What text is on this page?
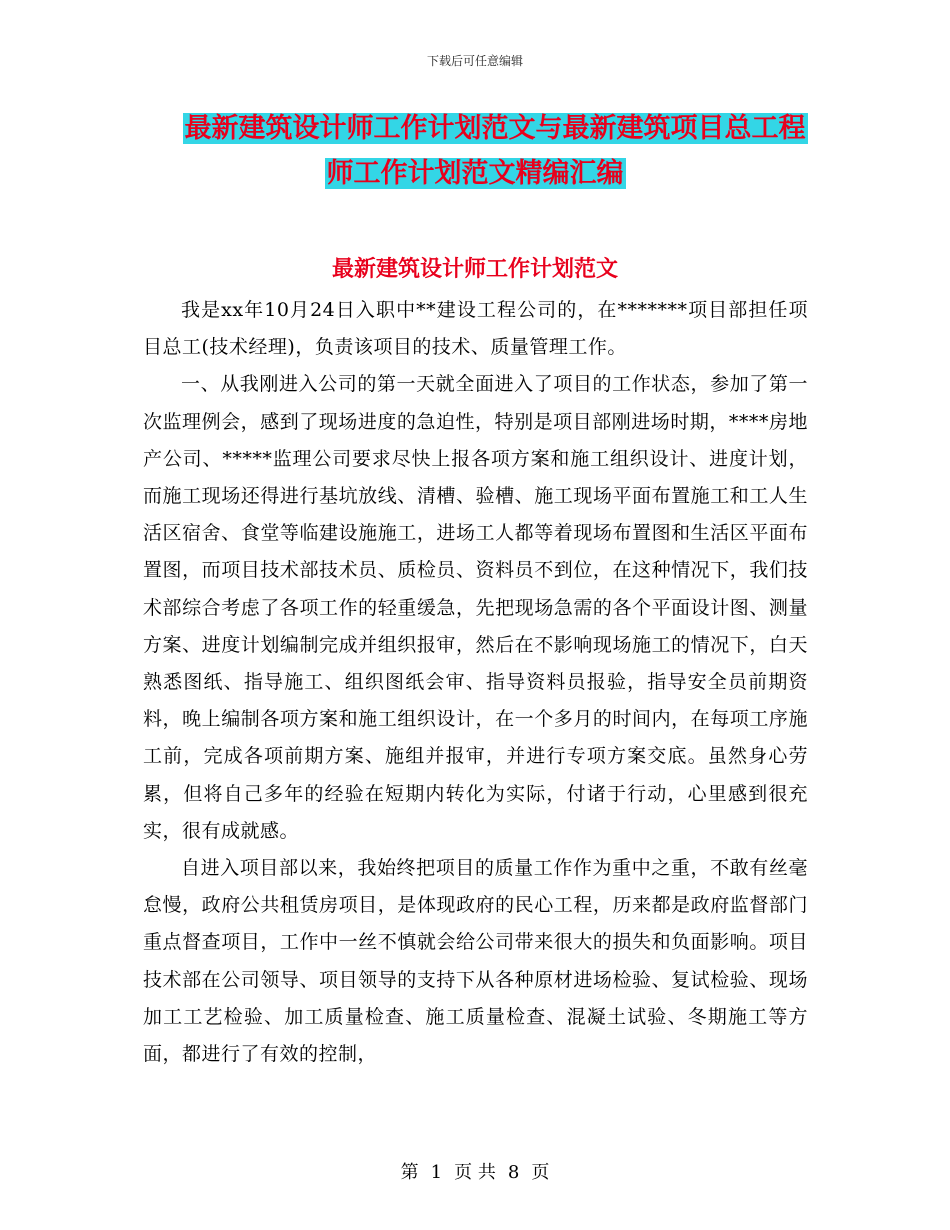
下载后可任意编辑
最新建筑设计师工作计划范文与最新建筑项目总工程
师工作计划范文精编汇编
最新建筑设计师工作计划范文

我是xx年10月24日入职中**建设工程公司的，在*******项目部担任项目总工(技术经理)，负责该项目的技术、质量管理工作。

一、从我刚进入公司的第一天就全面进入了项目的工作状态，参加了第一次监理例会，感到了现场进度的急迫性，特别是项目部刚进场时期，****房地产公司、*****监理公司要求尽快上报各项方案和施工组织设计、进度计划，而施工现场还得进行基坑放线、清槽、验槽、施工现场平面布置施工和工人生活区宿舍、食堂等临建设施施工，进场工人都等着现场布置图和生活区平面布置图，而项目技术部技术员、质检员、资料员不到位，在这种情况下，我们技术部综合考虑了各项工作的轻重缓急，先把现场急需的各个平面设计图、测量方案、进度计划编制完成并组织报审，然后在不影响现场施工的情况下，白天熟悉图纸、指导施工、组织图纸会审、指导资料员报验，指导安全员前期资料，晚上编制各项方案和施工组织设计，在一个多月的时间内，在每项工序施工前，完成各项前期方案、施组并报审，并进行专项方案交底。虽然身心劳累，但将自己多年的经验在短期内转化为实际，付诸于行动，心里感到很充实，很有成就感。

自进入项目部以来，我始终把项目的质量工作作为重中之重，不敢有丝毫怠慢，政府公共租赁房项目，是体现政府的民心工程，历来都是政府监督部门重点督查项目，工作中一丝不慎就会给公司带来很大的损失和负面影响。项目技术部在公司领导、项目领导的支持下从各种原材进场检验、复试检验、现场加工工艺检验、加工质量检查、施工质量检查、混凝土试验、冬期施工等方面，都进行了有效的控制，

第 1 页 共 8 页
